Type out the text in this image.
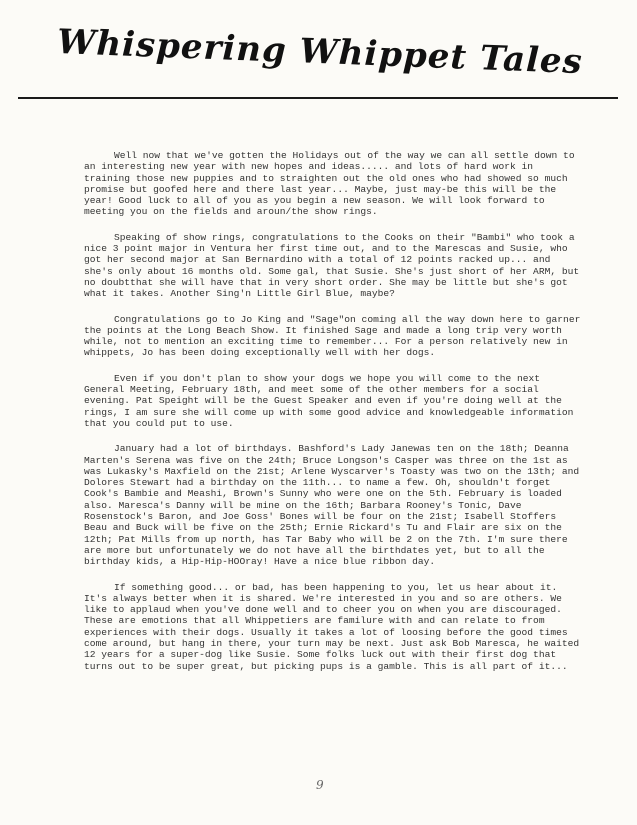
Whispering Whippet Tales

Well now that we've gotten the Holidays out of the way we can all settle down to an interesting new year with new hopes and ideas..... and lots of hard work in training those new puppies and to straighten out the old ones who had showed so much promise but goofed here and there last year... Maybe, just may-be this will be the year! Good luck to all of you as you begin a new season. We will look forward to meeting you on the fields and aroun/the show rings.

Speaking of show rings, congratulations to the Cooks on their "Bambi" who took a nice 3 point major in Ventura her first time out, and to the Marescas and Susie, who got her second major at San Bernardino with a total of 12 points racked up... and she's only about 16 months old. Some gal, that Susie. She's just short of her ARM, but no doubtthat she will have that in very short order. She may be little but she's got what it takes. Another Sing'n Little Girl Blue, maybe?

Congratulations go to Jo King and "Sage"on coming all the way down here to garner the points at the Long Beach Show. It finished Sage and made a long trip very worth while, not to mention an exciting time to remember... For a person relatively new in whippets, Jo has been doing exceptionally well with her dogs.

Even if you don't plan to show your dogs we hope you will come to the next General Meeting, February 18th, and meet some of the other members for a social evening. Pat Speight will be the Guest Speaker and even if you're doing well at the rings, I am sure she will come up with some good advice and knowledgeable information that you could put to use.

January had a lot of birthdays. Bashford's Lady Janewas ten on the 18th; Deanna Marten's Serena was five on the 24th; Bruce Longson's Casper was three on the 1st as was Lukasky's Maxfield on the 21st; Arlene Wyscarver's Toasty was two on the 13th; and Dolores Stewart had a birthday on the 11th... to name a few. Oh, shouldn't forget Cook's Bambie and Meashi, Brown's Sunny who were one on the 5th. February is loaded also. Maresca's Danny will be mine on the 16th; Barbara Rooney's Tonic, Dave Rosenstock's Baron, and Joe Goss' Bones will be four on the 21st; Isabell Stoffers Beau and Buck will be five on the 25th; Ernie Rickard's Tu and Flair are six on the 12th; Pat Mills from up north, has Tar Baby who will be 2 on the 7th. I'm sure there are more but unfortunately we do not have all the birthdates yet, but to all the birthday kids, a Hip-Hip-HOOray! Have a nice blue ribbon day.

If something good... or bad, has been happening to you, let us hear about it. It's always better when it is shared. We're interested in you and so are others. We like to applaud when you've done well and to cheer you on when you are discouraged. These are emotions that all Whippetiers are familure with and can relate to from experiences with their dogs. Usually it takes a lot of loosing before the good times come around, but hang in there, your turn may be next. Just ask Bob Maresca, he waited 12 years for a super-dog like Susie. Some folks luck out with their first dog that turns out to be super great, but picking pups is a gamble. This is all part of it...

9
